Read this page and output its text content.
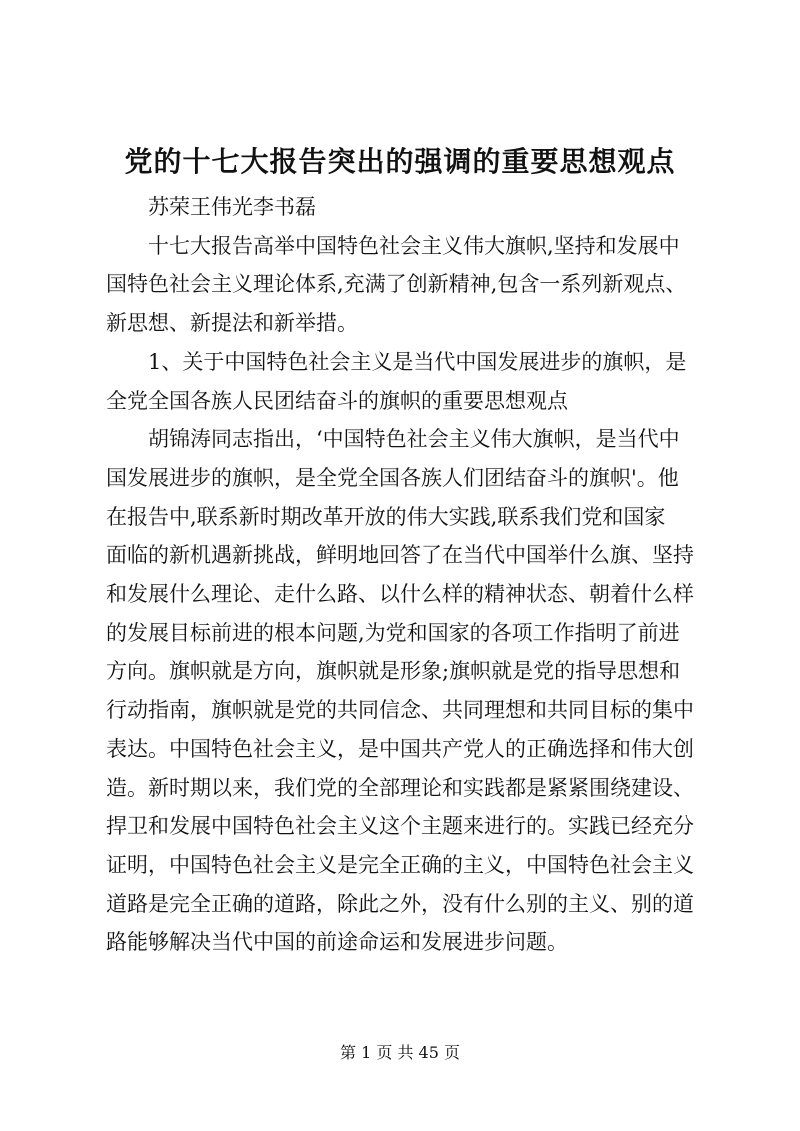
党的十七大报告突出的强调的重要思想观点

苏荣王伟光李书磊

十七大报告高举中国特色社会主义伟大旗帜,坚持和发展中
国特色社会主义理论体系,充满了创新精神,包含一系列新观点、
新思想、新提法和新举措。

1、关于中国特色社会主义是当代中国发展进步的旗帜，是
全党全国各族人民团结奋斗的旗帜的重要思想观点

胡锦涛同志指出，‘中国特色社会主义伟大旗帜，是当代中
国发展进步的旗帜，是全党全国各族人们团结奋斗的旗帜'。他
在报告中,联系新时期改革开放的伟大实践,联系我们党和国家
面临的新机遇新挑战，鲜明地回答了在当代中国举什么旗、坚持
和发展什么理论、走什么路、以什么样的精神状态、朝着什么样
的发展目标前进的根本问题,为党和国家的各项工作指明了前进
方向。旗帜就是方向，旗帜就是形象;旗帜就是党的指导思想和
行动指南，旗帜就是党的共同信念、共同理想和共同目标的集中
表达。中国特色社会主义，是中国共产党人的正确选择和伟大创
造。新时期以来，我们党的全部理论和实践都是紧紧围绕建设、
捍卫和发展中国特色社会主义这个主题来进行的。实践已经充分
证明，中国特色社会主义是完全正确的主义，中国特色社会主义
道路是完全正确的道路，除此之外，没有什么别的主义、别的道
路能够解决当代中国的前途命运和发展进步问题。

第 1 页 共 45 页
